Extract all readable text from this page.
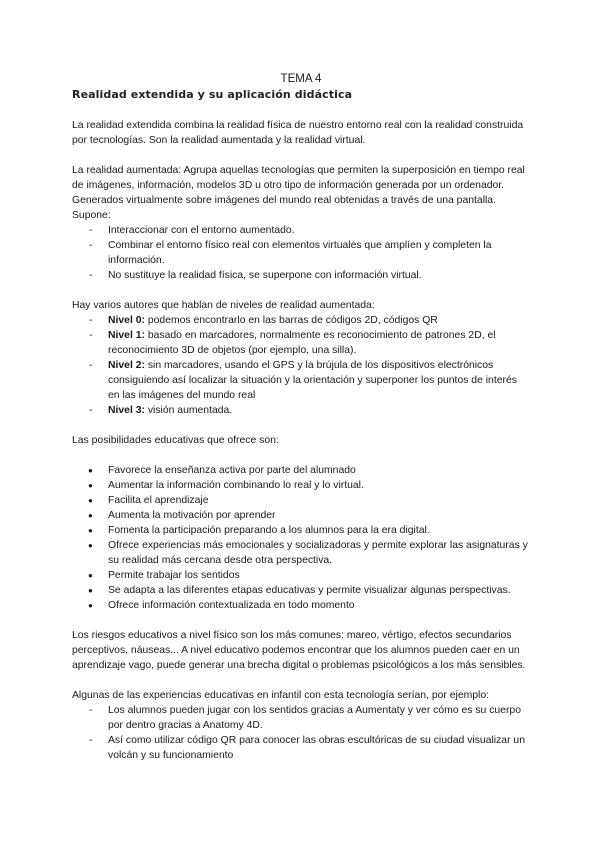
TEMA 4

Realidad extendida y su aplicación didáctica

La realidad extendida combina la realidad física de nuestro entorno real con la realidad construida por tecnologías. Son la realidad aumentada y la realidad virtual.

La realidad aumentada: Agrupa aquellas tecnologías que permiten la superposición en tiempo real de imágenes, información, modelos 3D u otro tipo de información generada por un ordenador. Generados virtualmente sobre imágenes del mundo real obtenidas a través de una pantalla. Supone:

- Interaccionar con el entorno aumentado.
- Combinar el entorno físico real con elementos virtuales que amplíen y completen la información.
- No sustituye la realidad física, se superpone con información virtual.

Hay varios autores que hablan de niveles de realidad aumentada:

- Nivel 0: podemos encontrarlo en las barras de códigos 2D, códigos QR
- Nivel 1: basado en marcadores, normalmente es reconocimiento de patrones 2D, el reconocimiento 3D de objetos (por ejemplo, una silla).
- Nivel 2: sin marcadores, usando el GPS y la brújula de los dispositivos electrónicos consiguiendo así localizar la situación y la orientación y superponer los puntos de interés en las imágenes del mundo real
- Nivel 3: visión aumentada.

Las posibilidades educativas que ofrece son:

● Favorece la enseñanza activa por parte del alumnado
● Aumentar la información combinando lo real y lo virtual.
● Facilita el aprendizaje
● Aumenta la motivación por aprender
● Fomenta la participación preparando a los alumnos para la era digital.
● Ofrece experiencias más emocionales y socializadoras y permite explorar las asignaturas y su realidad más cercana desde otra perspectiva.
● Permite trabajar los sentidos
● Se adapta a las diferentes etapas educativas y permite visualizar algunas perspectivas.
● Ofrece información contextualizada en todo momento

Los riesgos educativos a nivel físico son los más comunes: mareo, vértigo, efectos secundarios perceptivos, náuseas... A nivel educativo podemos encontrar que los alumnos pueden caer en un aprendizaje vago, puede generar una brecha digital o problemas psicológicos a los más sensibles.

Algunas de las experiencias educativas en infantil con esta tecnología serían, por ejemplo:

- Los alumnos pueden jugar con los sentidos gracias a Aumentaty y ver cómo es su cuerpo por dentro gracias a Anatomy 4D.
- Así como utilizar código QR para conocer las obras escultóricas de su ciudad visualizar un volcán y su funcionamiento
